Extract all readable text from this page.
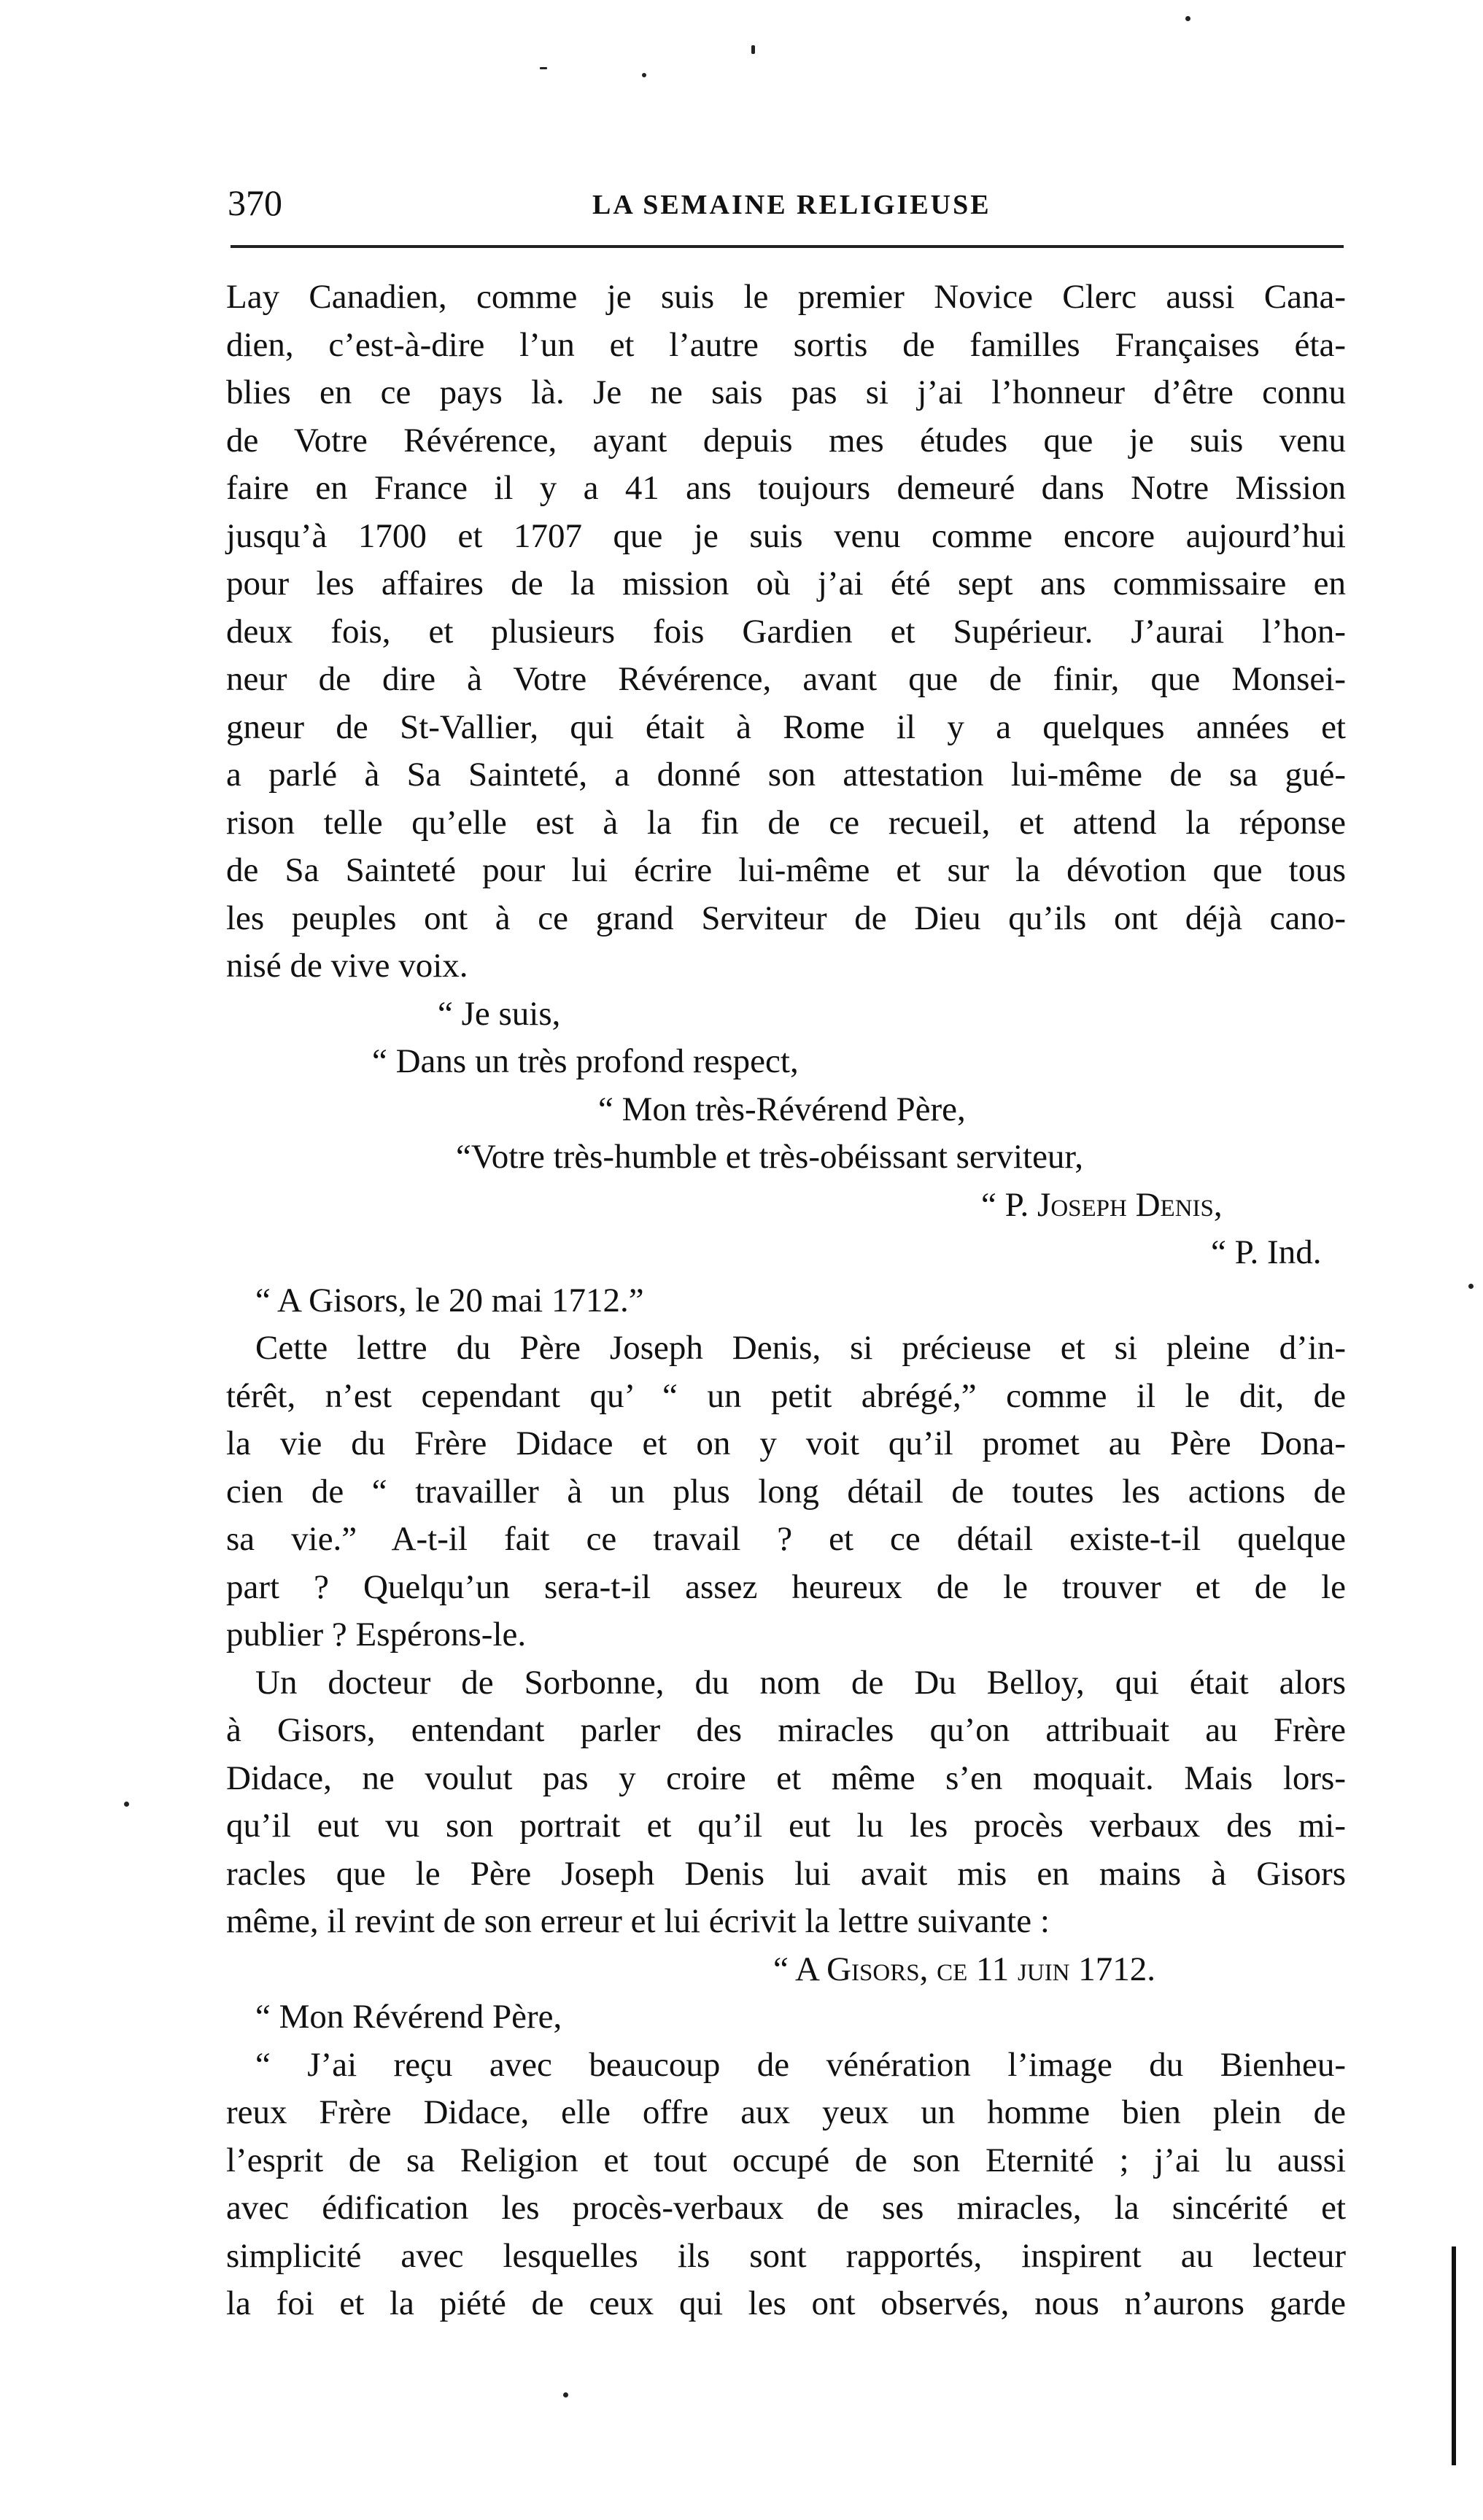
370	LA SEMAINE RELIGIEUSE
Lay Canadien, comme je suis le premier Novice Clerc aussi Cana-
dien, c’est-à-dire l’un et l’autre sortis de familles Françaises éta-
blies en ce pays là. Je ne sais pas si j’ai l’honneur d’être connu
de Votre Révérence, ayant depuis mes études que je suis venu
faire en France il y a 41 ans toujours demeuré dans Notre Mission
jusqu’à 1700 et 1707 que je suis venu comme encore aujourd’hui
pour les affaires de la mission où j’ai été sept ans commissaire en
deux fois, et plusieurs fois Gardien et Supérieur. J’aurai l’hon-
neur de dire à Votre Révérence, avant que de finir, que Monsei-
gneur de St-Vallier, qui était à Rome il y a quelques années et
a parlé à Sa Sainteté, a donné son attestation lui-même de sa gué-
rison telle qu’elle est à la fin de ce recueil, et attend la réponse
de Sa Sainteté pour lui écrire lui-même et sur la dévotion que tous
les peuples ont à ce grand Serviteur de Dieu qu’ils ont déjà cano-
nisé de vive voix.
“ Je suis,
“ Dans un très profond respect,
“ Mon très-Révérend Père,
“Votre très-humble et très-obéissant serviteur,
“ P. Joseph Denis,
“ P. Ind.
“ A Gisors, le 20 mai 1712.”
Cette lettre du Père Joseph Denis, si précieuse et si pleine d’in-
térêt, n’est cependant qu’ “ un petit abrégé,” comme il le dit, de
la vie du Frère Didace et on y voit qu’il promet au Père Dona-
cien de “ travailler à un plus long détail de toutes les actions de
sa vie.” A-t-il fait ce travail ? et ce détail existe-t-il quelque
part ? Quelqu’un sera-t-il assez heureux de le trouver et de le
publier ? Espérons-le.
Un docteur de Sorbonne, du nom de Du Belloy, qui était alors
à Gisors, entendant parler des miracles qu’on attribuait au Frère
Didace, ne voulut pas y croire et même s’en moquait. Mais lors-
qu’il eut vu son portrait et qu’il eut lu les procès verbaux des mi-
racles que le Père Joseph Denis lui avait mis en mains à Gisors
même, il revint de son erreur et lui écrivit la lettre suivante :
“ A Gisors, ce 11 juin 1712.
“ Mon Révérend Père,
“ J’ai reçu avec beaucoup de vénération l’image du Bienheu-
reux Frère Didace, elle offre aux yeux un homme bien plein de
l’esprit de sa Religion et tout occupé de son Eternité ; j’ai lu aussi
avec édification les procès-verbaux de ses miracles, la sincérité et
simplicité avec lesquelles ils sont rapportés, inspirent au lecteur
la foi et la piété de ceux qui les ont observés, nous n’aurons garde
